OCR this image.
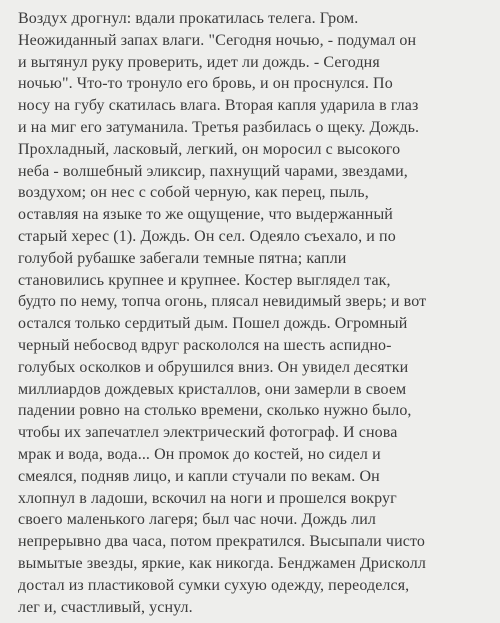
Воздух дрогнул: вдали прокатилась телега. Гром.
Неожиданный запах влаги. "Сегодня ночью, - подумал он
и вытянул руку проверить, идет ли дождь. - Сегодня
ночью". Что-то тронуло его бровь, и он проснулся. По
носу на губу скатилась влага. Вторая капля ударила в глаз
и на миг его затуманила. Третья разбилась о щеку. Дождь.
Прохладный, ласковый, легкий, он моросил с высокого
неба - волшебный эликсир, пахнущий чарами, звездами,
воздухом; он нес с собой черную, как перец, пыль,
оставляя на языке то же ощущение, что выдержанный
старый херес (1). Дождь. Он сел. Одеяло съехало, и по
голубой рубашке забегали темные пятна; капли
становились крупнее и крупнее. Костер выглядел так,
будто по нему, топча огонь, плясал невидимый зверь; и вот
остался только сердитый дым. Пошел дождь. Огромный
черный небосвод вдруг раскололся на шесть аспидно-
голубых осколков и обрушился вниз. Он увидел десятки
миллиардов дождевых кристаллов, они замерли в своем
падении ровно на столько времени, сколько нужно было,
чтобы их запечатлел электрический фотограф. И снова
мрак и вода, вода... Он промок до костей, но сидел и
смеялся, подняв лицо, и капли стучали по векам. Он
хлопнул в ладоши, вскочил на ноги и прошелся вокруг
своего маленького лагеря; был час ночи. Дождь лил
непрерывно два часа, потом прекратился. Высыпали чисто
вымытые звезды, яркие, как никогда. Бенджамен Дрисколл
достал из пластиковой сумки сухую одежду, переоделся,
лег и, счастливый, уснул.
